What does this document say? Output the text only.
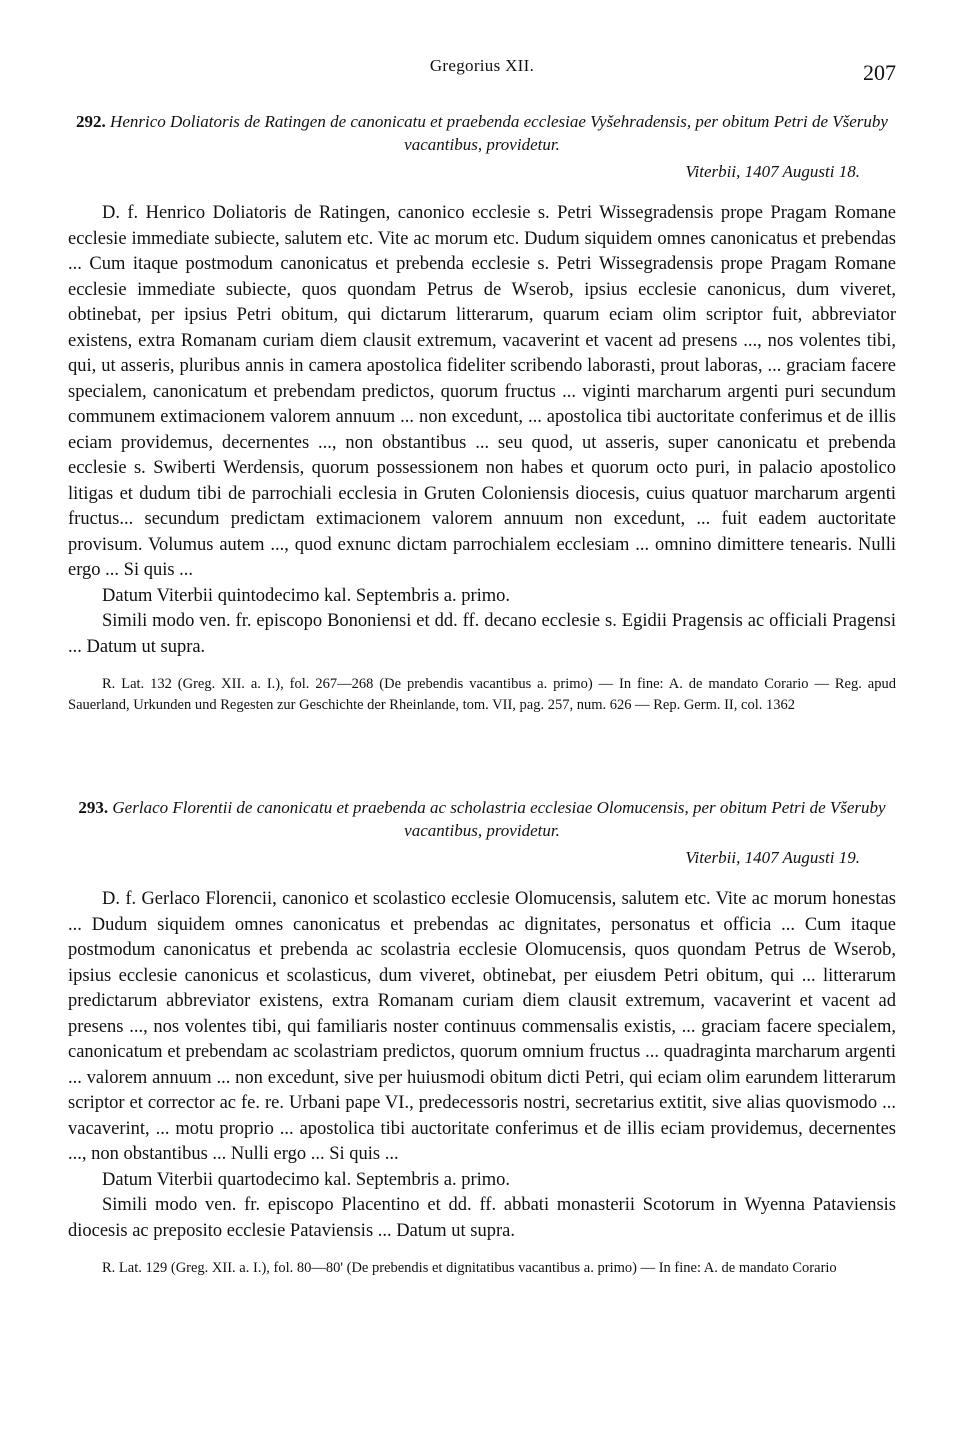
Gregorius XII.	207
292. Henrico Doliatoris de Ratingen de canonicatu et praebenda ecclesiae Vyšehradensis, per obitum Petri de Všeruby vacantibus, providetur.
Viterbii, 1407 Augusti 18.

D. f. Henrico Doliatoris de Ratingen, canonico ecclesie s. Petri Wissegradensis prope Pragam Romane ecclesie immediate subiecte, salutem etc. Vite ac morum etc. Dudum siquidem omnes canonicatus et prebendas ... Cum itaque postmodum canonicatus et prebenda ecclesie s. Petri Wissegradensis prope Pragam Romane ecclesie immediate subiecte, quos quondam Petrus de Wserob, ipsius ecclesie canonicus, dum viveret, obtinebat, per ipsius Petri obitum, qui dictarum litterarum, quarum eciam olim scriptor fuit, abbreviator existens, extra Romanam curiam diem clausit extremum, vacaverint et vacent ad presens ..., nos volentes tibi, qui, ut asseris, pluribus annis in camera apostolica fideliter scribendo laborasti, prout laboras, ... graciam facere specialem, canonicatum et prebendam predictos, quorum fructus ... viginti marcharum argenti puri secundum communem extimacionem valorem annuum ... non excedunt, ... apostolica tibi auctoritate conferimus et de illis eciam providemus, decernentes ..., non obstantibus ... seu quod, ut asseris, super canonicatu et prebenda ecclesie s. Swiberti Werdensis, quorum possessionem non habes et quorum octo puri, in palacio apostolico litigas et dudum tibi de parrochiali ecclesia in Gruten Coloniensis diocesis, cuius quatuor marcharum argenti fructus... secundum predictam extimacionem valorem annuum non excedunt, ... fuit eadem auctoritate provisum. Volumus autem ..., quod exnunc dictam parrochialem ecclesiam ... omnino dimittere tenearis. Nulli ergo ... Si quis ...

Datum Viterbii quintodecimo kal. Septembris a. primo.

Simili modo ven. fr. episcopo Bononiensi et dd. ff. decano ecclesie s. Egidii Pragensis ac officiali Pragensi ... Datum ut supra.

R. Lat. 132 (Greg. XII. a. I.), fol. 267—268 (De prebendis vacantibus a. primo) — In fine: A. de mandato Corario — Reg. apud Sauerland, Urkunden und Regesten zur Geschichte der Rheinlande, tom. VII, pag. 257, num. 626 — Rep. Germ. II, col. 1362
293. Gerlaco Florentii de canonicatu et praebenda ac scholastria ecclesiae Olomucensis, per obitum Petri de Všeruby vacantibus, providetur.
Viterbii, 1407 Augusti 19.

D. f. Gerlaco Florencii, canonico et scolastico ecclesie Olomucensis, salutem etc. Vite ac morum honestas ... Dudum siquidem omnes canonicatus et prebendas ac dignitates, personatus et officia ... Cum itaque postmodum canonicatus et prebenda ac scolastria ecclesie Olomucensis, quos quondam Petrus de Wserob, ipsius ecclesie canonicus et scolasticus, dum viveret, obtinebat, per eiusdem Petri obitum, qui ... litterarum predictarum abbreviator existens, extra Romanam curiam diem clausit extremum, vacaverint et vacent ad presens ..., nos volentes tibi, qui familiaris noster continuus commensalis existis, ... graciam facere specialem, canonicatum et prebendam ac scolastriam predictos, quorum omnium fructus ... quadraginta marcharum argenti ... valorem annuum ... non excedunt, sive per huiusmodi obitum dicti Petri, qui eciam olim earundem litterarum scriptor et corrector ac fe. re. Urbani pape VI., predecessoris nostri, secretarius extitit, sive alias quovismodo ... vacaverint, ... motu proprio ... apostolica tibi auctoritate conferimus et de illis eciam providemus, decernentes ..., non obstantibus ... Nulli ergo ... Si quis ...

Datum Viterbii quartodecimo kal. Septembris a. primo.

Simili modo ven. fr. episcopo Placentino et dd. ff. abbati monasterii Scotorum in Wyenna Pataviensis diocesis ac preposito ecclesie Pataviensis ... Datum ut supra.

R. Lat. 129 (Greg. XII. a. I.), fol. 80—80' (De prebendis et dignitatibus vacantibus a. primo) — In fine: A. de mandato Corario
